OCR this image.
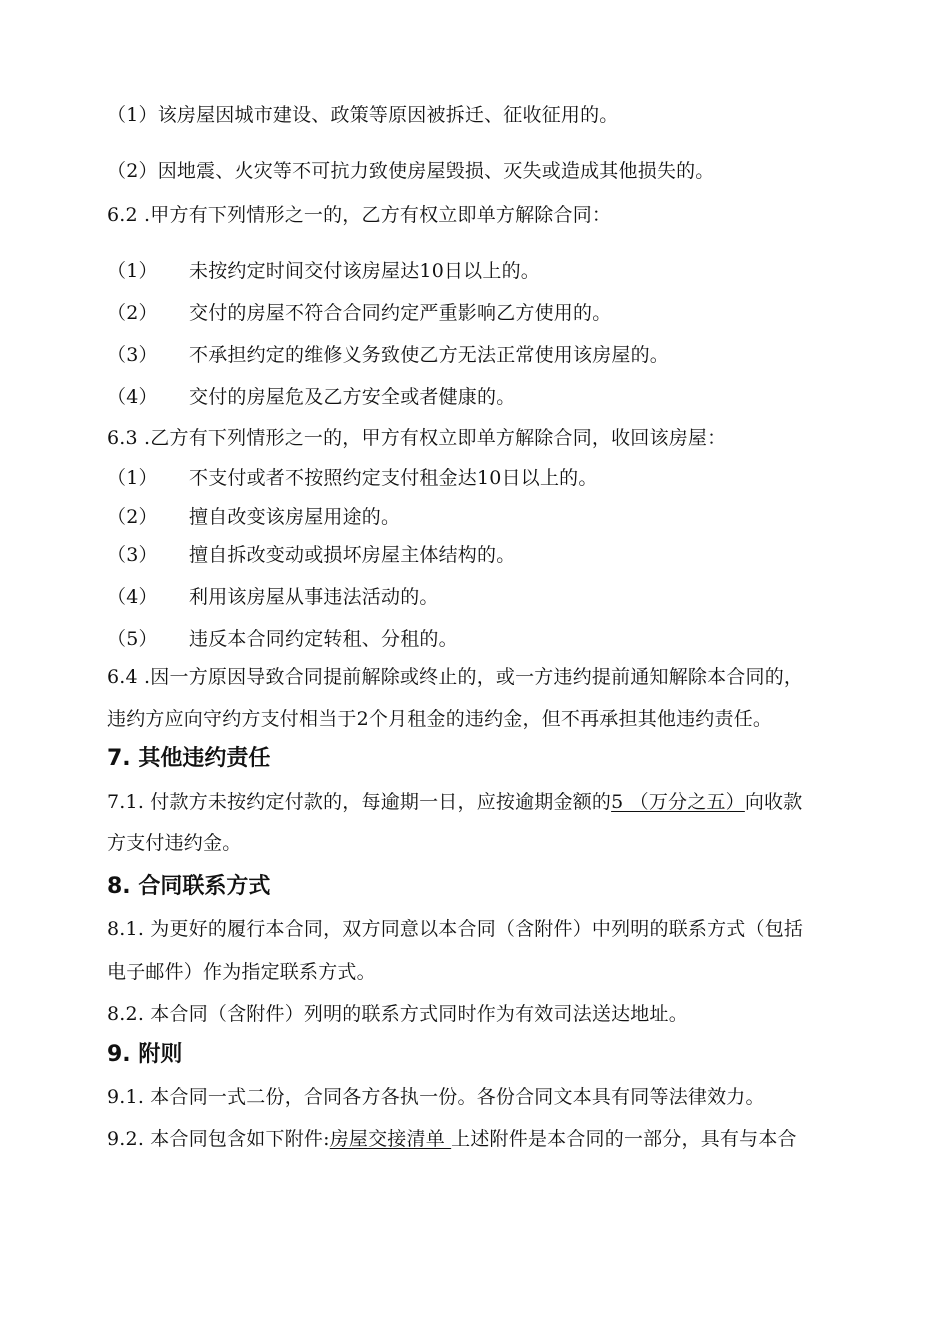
（1）该房屋因城市建设、政策等原因被拆迁、征收征用的。
（2）因地震、火灾等不可抗力致使房屋毁损、灭失或造成其他损失的。
6.2 .甲方有下列情形之一的，乙方有权立即单方解除合同：
（1） 未按约定时间交付该房屋达10日以上的。
（2） 交付的房屋不符合合同约定严重影响乙方使用的。
（3） 不承担约定的维修义务致使乙方无法正常使用该房屋的。
（4） 交付的房屋危及乙方安全或者健康的。
6.3 .乙方有下列情形之一的，甲方有权立即单方解除合同，收回该房屋：
（1） 不支付或者不按照约定支付租金达10日以上的。
（2） 擅自改变该房屋用途的。
（3） 擅自拆改变动或损坏房屋主体结构的。
（4） 利用该房屋从事违法活动的。
（5） 违反本合同约定转租、分租的。
6.4 .因一方原因导致合同提前解除或终止的，或一方违约提前通知解除本合同的，
违约方应向守约方支付相当于2个月租金的违约金，但不再承担其他违约责任。
7. 其他违约责任
7.1. 付款方未按约定付款的，每逾期一日，应按逾期金额的5 （万分之五）向收款
方支付违约金。
8. 合同联系方式
8.1. 为更好的履行本合同，双方同意以本合同（含附件）中列明的联系方式（包括
电子邮件）作为指定联系方式。
8.2. 本合同（含附件）列明的联系方式同时作为有效司法送达地址。
9. 附则
9.1. 本合同一式二份，合同各方各执一份。各份合同文本具有同等法律效力。
9.2. 本合同包含如下附件:房屋交接清单 上述附件是本合同的一部分，具有与本合
